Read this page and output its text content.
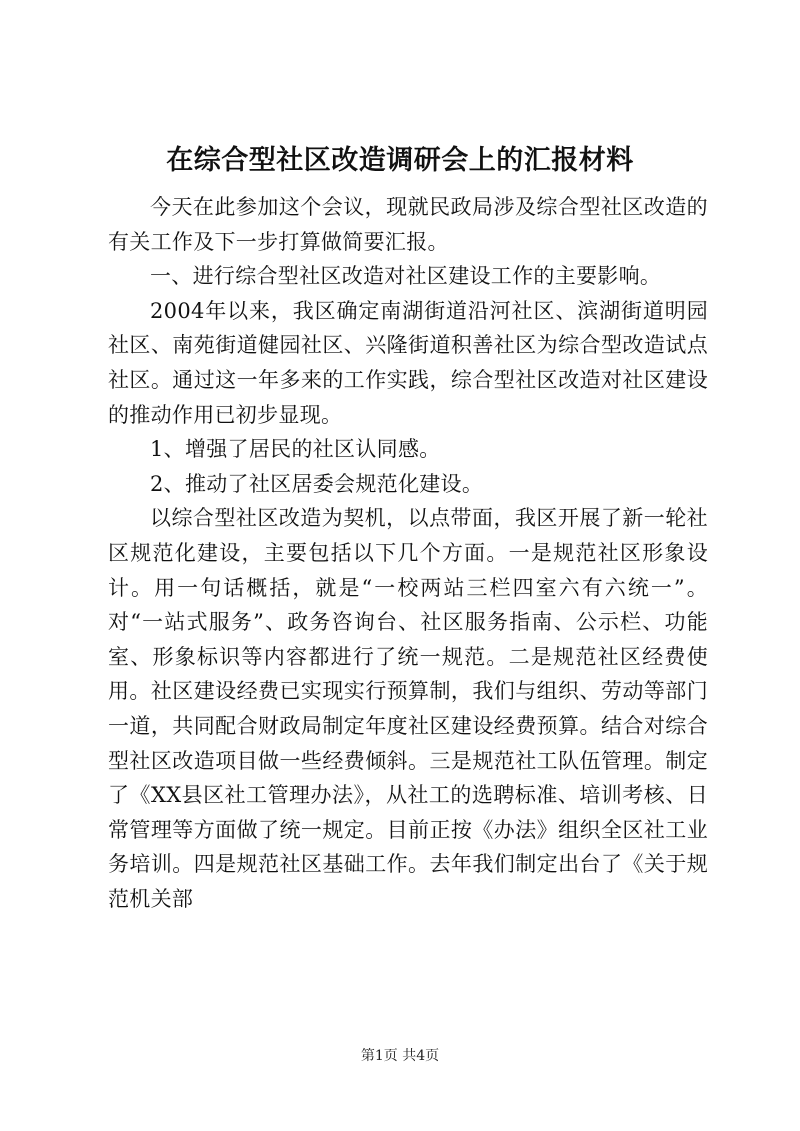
在综合型社区改造调研会上的汇报材料

今天在此参加这个会议，现就民政局涉及综合型社区改造的有关工作及下一步打算做简要汇报。

一、进行综合型社区改造对社区建设工作的主要影响。

2004年以来，我区确定南湖街道沿河社区、滨湖街道明园社区、南苑街道健园社区、兴隆街道积善社区为综合型改造试点社区。通过这一年多来的工作实践，综合型社区改造对社区建设的推动作用已初步显现。

1、增强了居民的社区认同感。

2、推动了社区居委会规范化建设。

以综合型社区改造为契机，以点带面，我区开展了新一轮社区规范化建设，主要包括以下几个方面。一是规范社区形象设计。用一句话概括，就是“一校两站三栏四室六有六统一”。对“一站式服务”、政务咨询台、社区服务指南、公示栏、功能室、形象标识等内容都进行了统一规范。二是规范社区经费使用。社区建设经费已实现实行预算制，我们与组织、劳动等部门一道，共同配合财政局制定年度社区建设经费预算。结合对综合型社区改造项目做一些经费倾斜。三是规范社工队伍管理。制定了《XX县区社工管理办法》，从社工的选聘标准、培训考核、日常管理等方面做了统一规定。目前正按《办法》组织全区社工业务培训。四是规范社区基础工作。去年我们制定出台了《关于规范机关部

第1页 共4页
